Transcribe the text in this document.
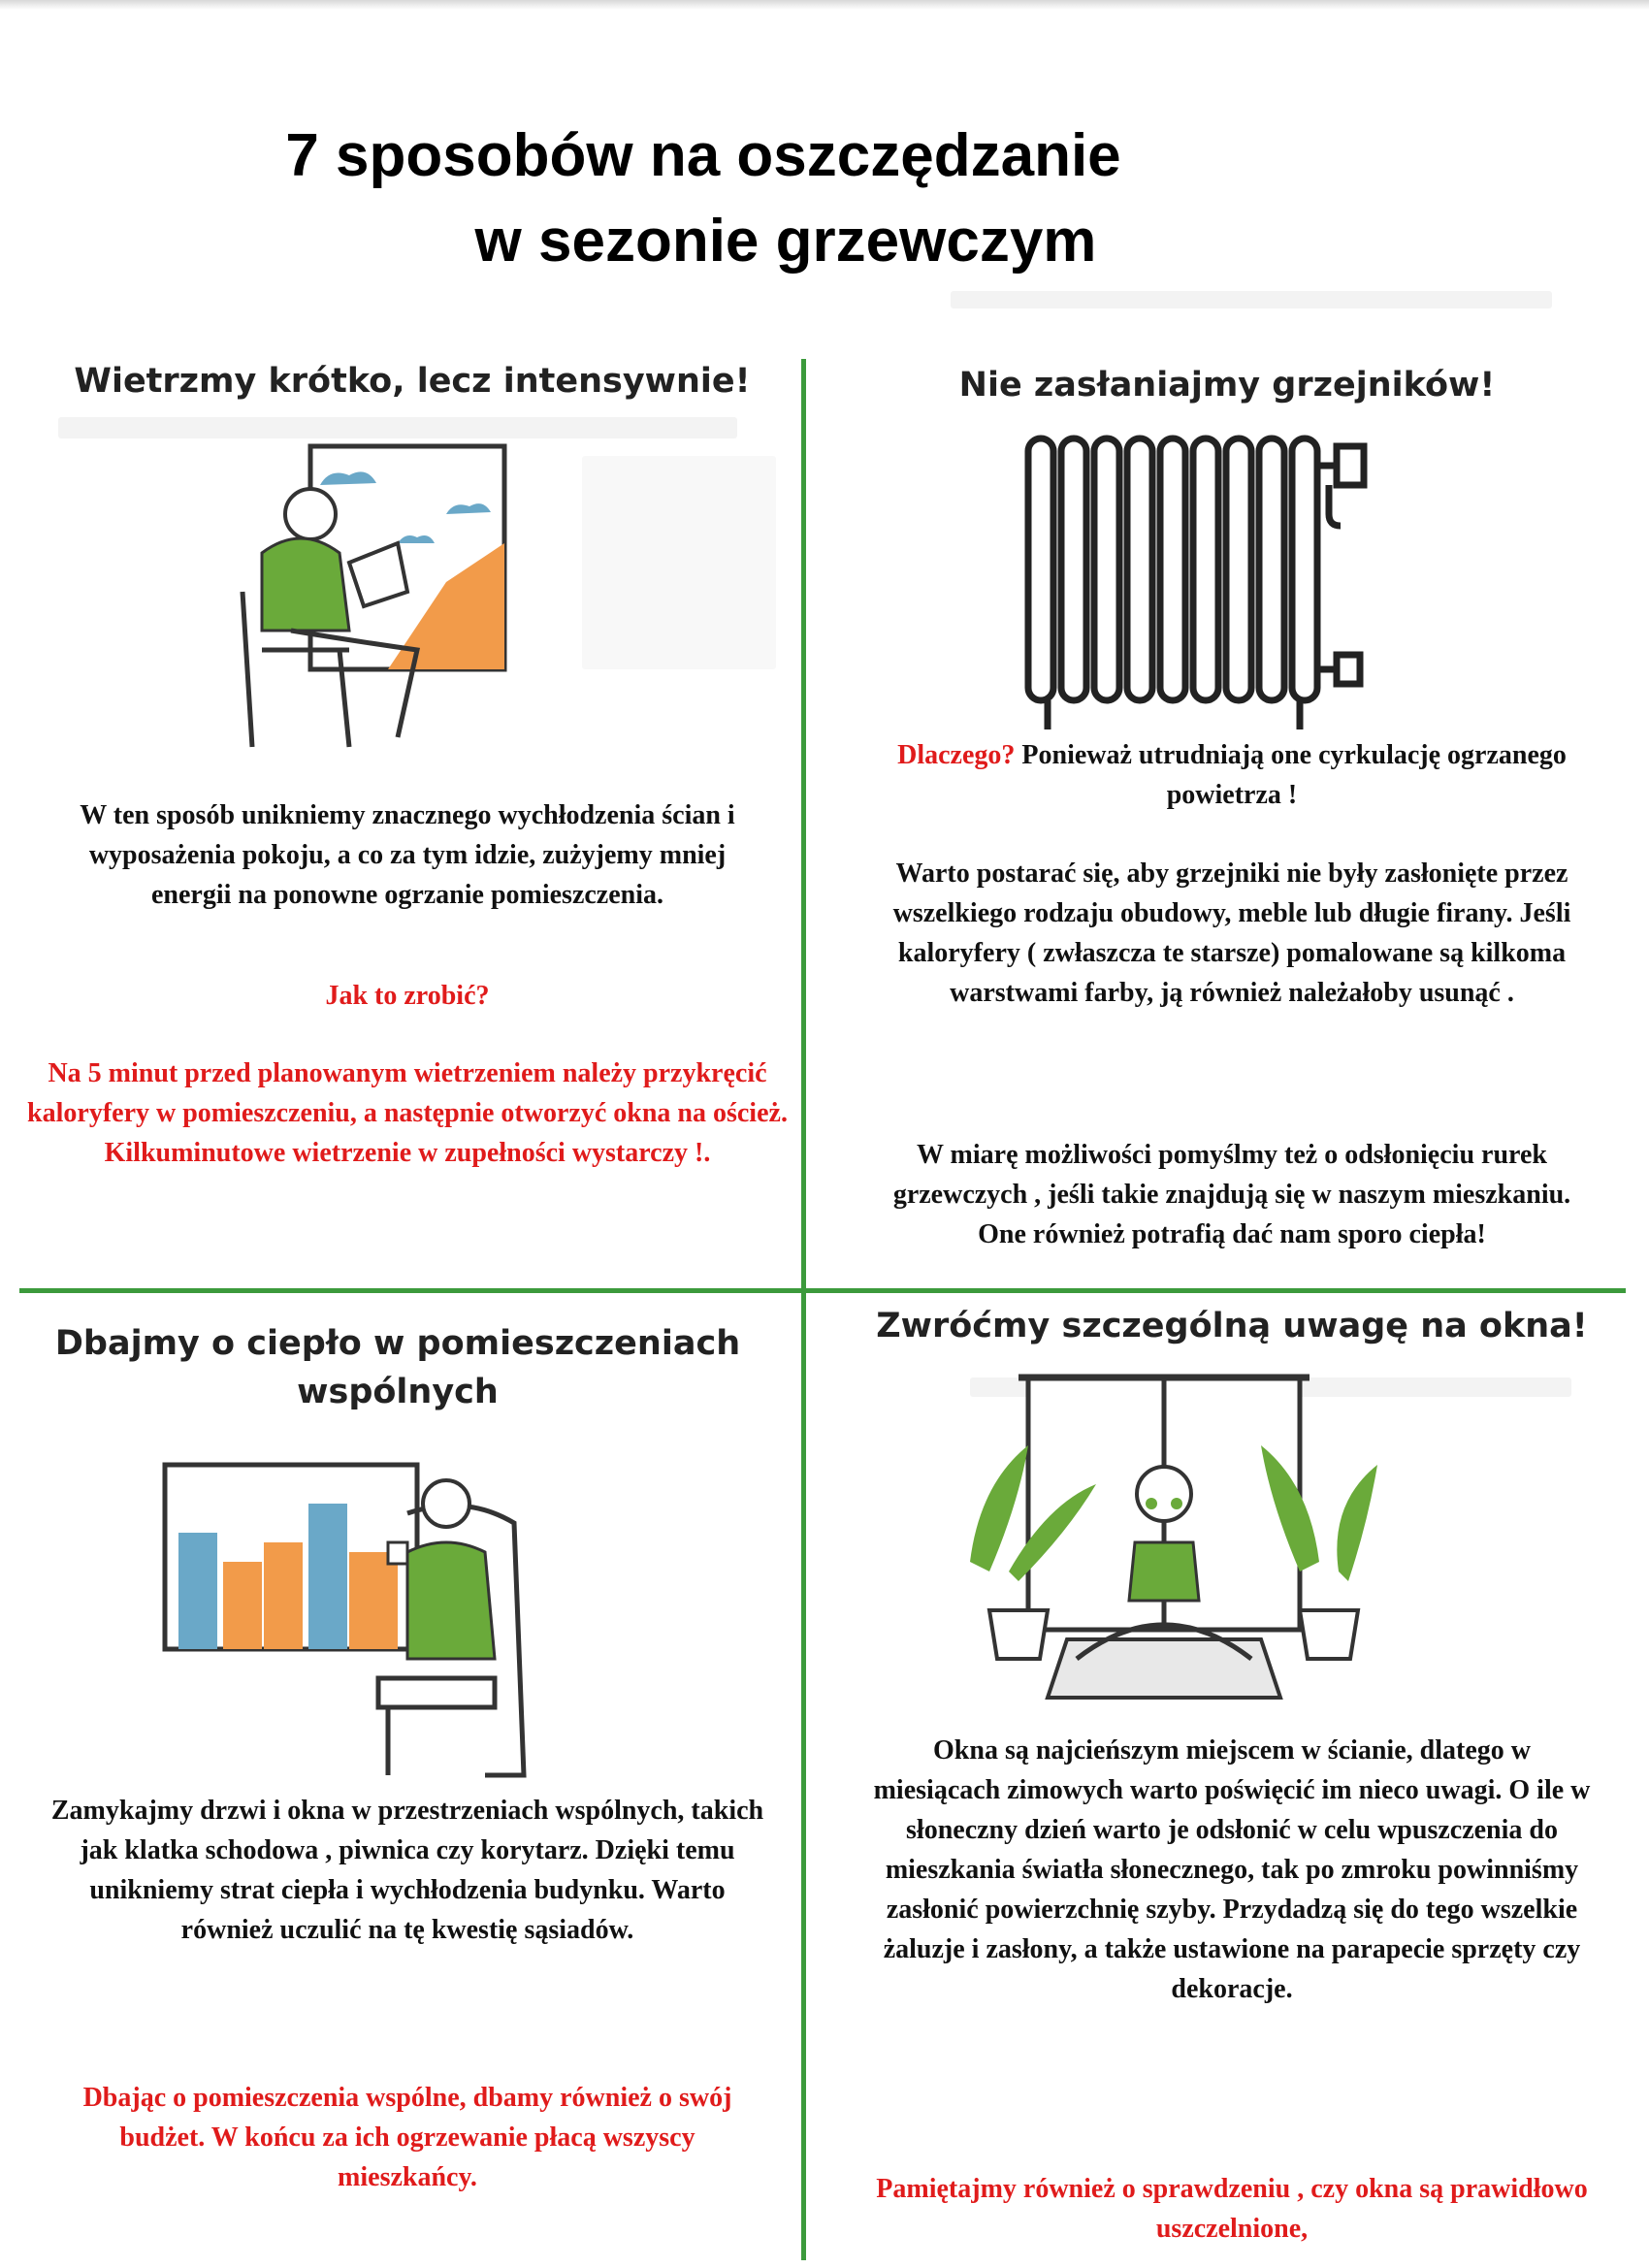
7 sposobów na oszczędzanie
w sezonie grzewczym
Wietrzmy krótko, lecz intensywnie!
W ten sposób unikniemy znacznego wychłodzenia ścian i wyposażenia pokoju, a co za tym idzie, zużyjemy mniej energii na ponowne ogrzanie pomieszczenia.
Jak to zrobić?
Na 5 minut przed planowanym wietrzeniem należy przykręcić kaloryfery w pomieszczeniu, a następnie otworzyć okna na oścież. Kilkuminutowe wietrzenie w zupełności wystarczy !.
Nie zasłaniajmy grzejników!
Dlaczego? Ponieważ utrudniają one cyrkulację ogrzanego powietrza !
Warto postarać się, aby grzejniki nie były zasłonięte przez wszelkiego rodzaju obudowy, meble lub długie firany. Jeśli kaloryfery ( zwłaszcza te starsze) pomalowane są kilkoma warstwami farby, ją również należałoby usunąć .
W miarę możliwości pomyślmy też o odsłonięciu rurek grzewczych , jeśli takie znajdują się w naszym mieszkaniu. One również potrafią dać nam sporo ciepła!
Dbajmy o ciepło w pomieszczeniach wspólnych
Zamykajmy drzwi i okna w przestrzeniach wspólnych, takich jak klatka schodowa , piwnica czy korytarz. Dzięki temu unikniemy strat ciepła i wychłodzenia budynku. Warto również uczulić na tę kwestię sąsiadów.
Dbając o pomieszczenia wspólne, dbamy również o swój budżet. W końcu za ich ogrzewanie płacą wszyscy mieszkańcy.
Zwróćmy szczególną uwagę na okna!
Okna są najcieńszym miejscem w ścianie, dlatego w miesiącach zimowych warto poświęcić im nieco uwagi. O ile w słoneczny dzień warto je odsłonić w celu wpuszczenia do mieszkania światła słonecznego, tak po zmroku powinniśmy zasłonić powierzchnię szyby. Przydadzą się do tego wszelkie żaluzje i zasłony, a także ustawione na parapecie sprzęty czy dekoracje.
Pamiętajmy również o sprawdzeniu , czy okna są prawidłowo uszczelnione,
